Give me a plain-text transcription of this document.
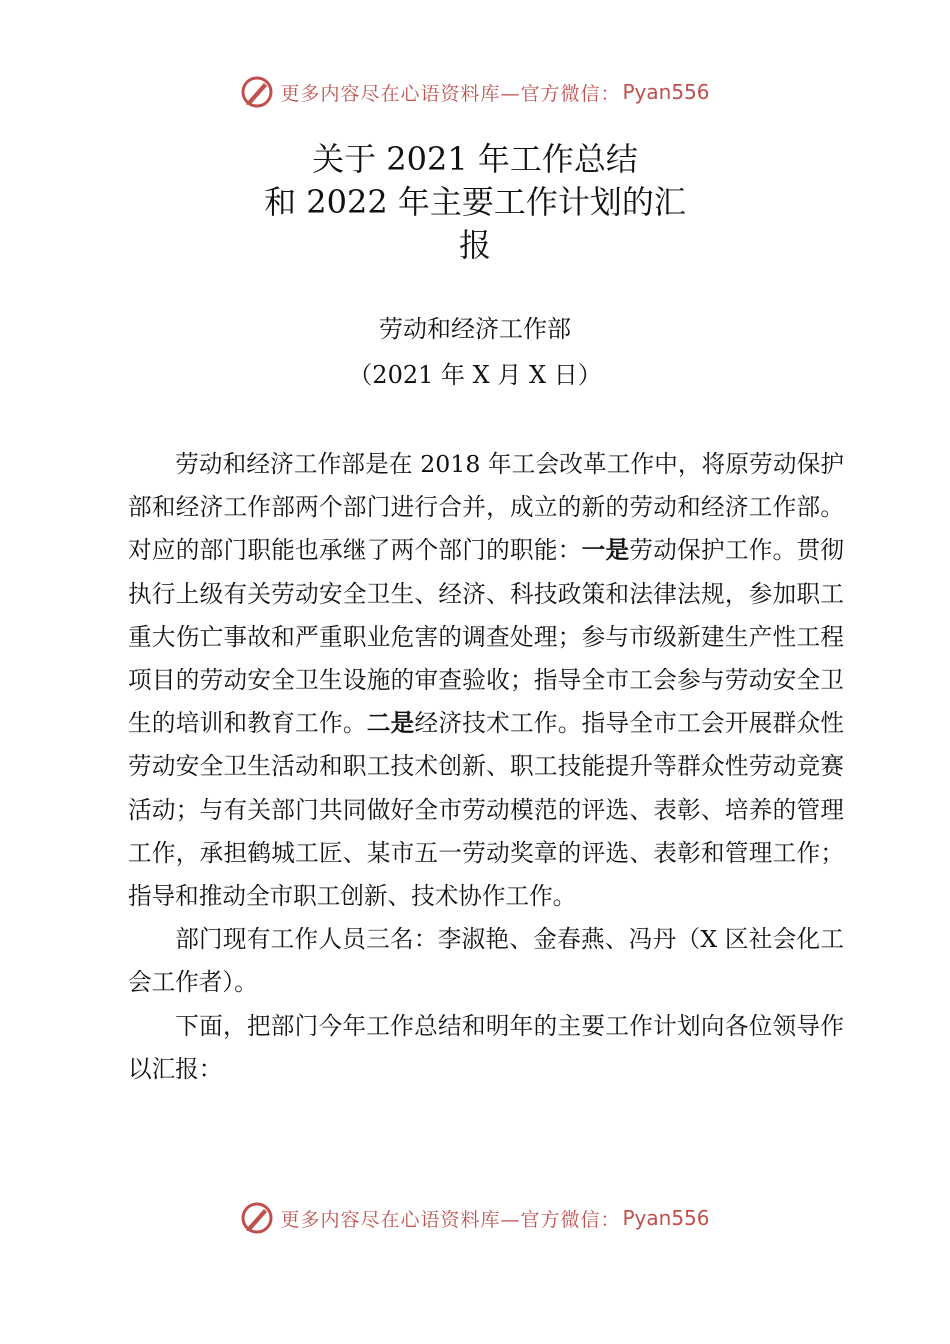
更多内容尽在心语资料库—官方微信： Pyan556
关于 2021 年工作总结
和 2022 年主要工作计划的汇
报
劳动和经济工作部
（2021 年 X 月 X 日）

劳动和经济工作部是在 2018 年工会改革工作中，将原劳动保护部和经济工作部两个部门进行合并，成立的新的劳动和经济工作部。对应的部门职能也承继了两个部门的职能：一是劳动保护工作。贯彻执行上级有关劳动安全卫生、经济、科技政策和法律法规，参加职工重大伤亡事故和严重职业危害的调查处理；参与市级新建生产性工程项目的劳动安全卫生设施的审查验收；指导全市工会参与劳动安全卫生的培训和教育工作。二是经济技术工作。指导全市工会开展群众性劳动安全卫生活动和职工技术创新、职工技能提升等群众性劳动竞赛活动；与有关部门共同做好全市劳动模范的评选、表彰、培养的管理工作，承担鹤城工匠、某市五一劳动奖章的评选、表彰和管理工作；指导和推动全市职工创新、技术协作工作。

部门现有工作人员三名：李淑艳、金春燕、冯丹（X 区社会化工会工作者）。

下面，把部门今年工作总结和明年的主要工作计划向各位领导作以汇报：

更多内容尽在心语资料库—官方微信： Pyan556
